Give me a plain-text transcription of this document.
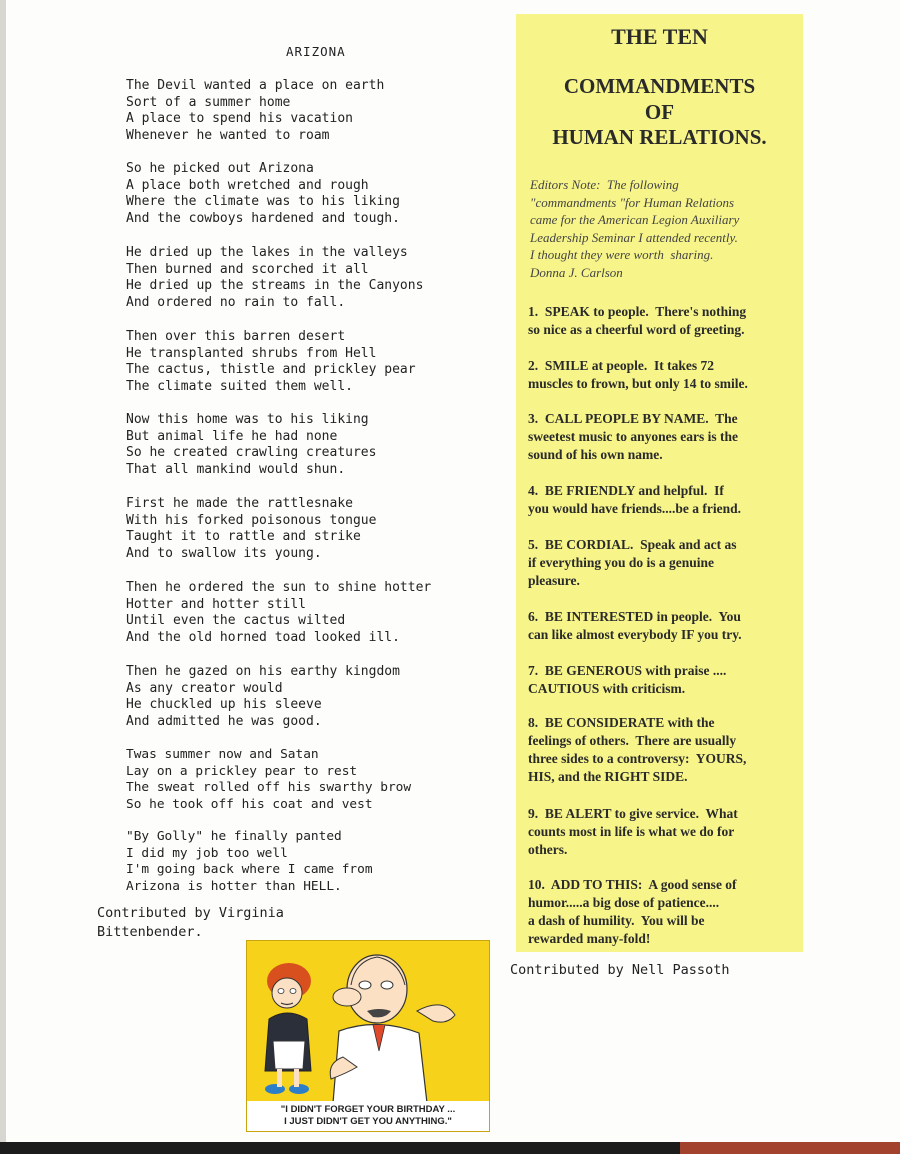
ARIZONA

The Devil wanted a place on earth
Sort of a summer home
A place to spend his vacation
Whenever he wanted to roam

So he picked out Arizona
A place both wretched and rough
Where the climate was to his liking
And the cowboys hardened and tough.

He dried up the lakes in the valleys
Then burned and scorched it all
He dried up the streams in the Canyons
And ordered no rain to fall.

Then over this barren desert
He transplanted shrubs from Hell
The cactus, thistle and prickley pear
The climate suited them well.

Now this home was to his liking
But animal life he had none
So he created crawling creatures
That all mankind would shun.

First he made the rattlesnake
With his forked poisonous tongue
Taught it to rattle and strike
And to swallow its young.

Then he ordered the sun to shine hotter
Hotter and hotter still
Until even the cactus wilted
And the old horned toad looked ill.

Then he gazed on his earthy kingdom
As any creator would
He chuckled up his sleeve
And admitted he was good.

Twas summer now and Satan
Lay on a prickley pear to rest
The sweat rolled off his swarthy brow
So he took off his coat and vest

"By Golly" he finally panted
I did my job too well
I'm going back where I came from
Arizona is hotter than HELL.

Contributed by Virginia
Bittenbender.
THE TEN
COMMANDMENTS
OF
HUMAN RELATIONS.
Editors Note:  The following
"commandments "for Human Relations
came for the American Legion Auxiliary
Leadership Seminar I attended recently.
I thought they were worth  sharing.
Donna J. Carlson
1.  SPEAK to people.  There's nothing
so nice as a cheerful word of greeting.
2.  SMILE at people.  It takes 72
muscles to frown, but only 14 to smile.
3.  CALL PEOPLE BY NAME.  The
sweetest music to anyones ears is the
sound of his own name.
4.  BE FRIENDLY and helpful.  If
you would have friends....be a friend.
5.  BE CORDIAL.  Speak and act as
if everything you do is a genuine
pleasure.
6.  BE INTERESTED in people.  You
can like almost everybody IF you try.
7.  BE GENEROUS with praise ....
CAUTIOUS with criticism.
8.  BE CONSIDERATE with the
feelings of others.  There are usually
three sides to a controversy:  YOURS,
HIS, and the RIGHT SIDE.
9.  BE ALERT to give service.  What
counts most in life is what we do for
others.
10.  ADD TO THIS:  A good sense of
humor.....a big dose of patience....
a dash of humility.  You will be
rewarded many-fold!
Contributed by Nell Passoth
"I DIDN'T FORGET YOUR BIRTHDAY ...
I JUST DIDN'T GET YOU ANYTHING."
